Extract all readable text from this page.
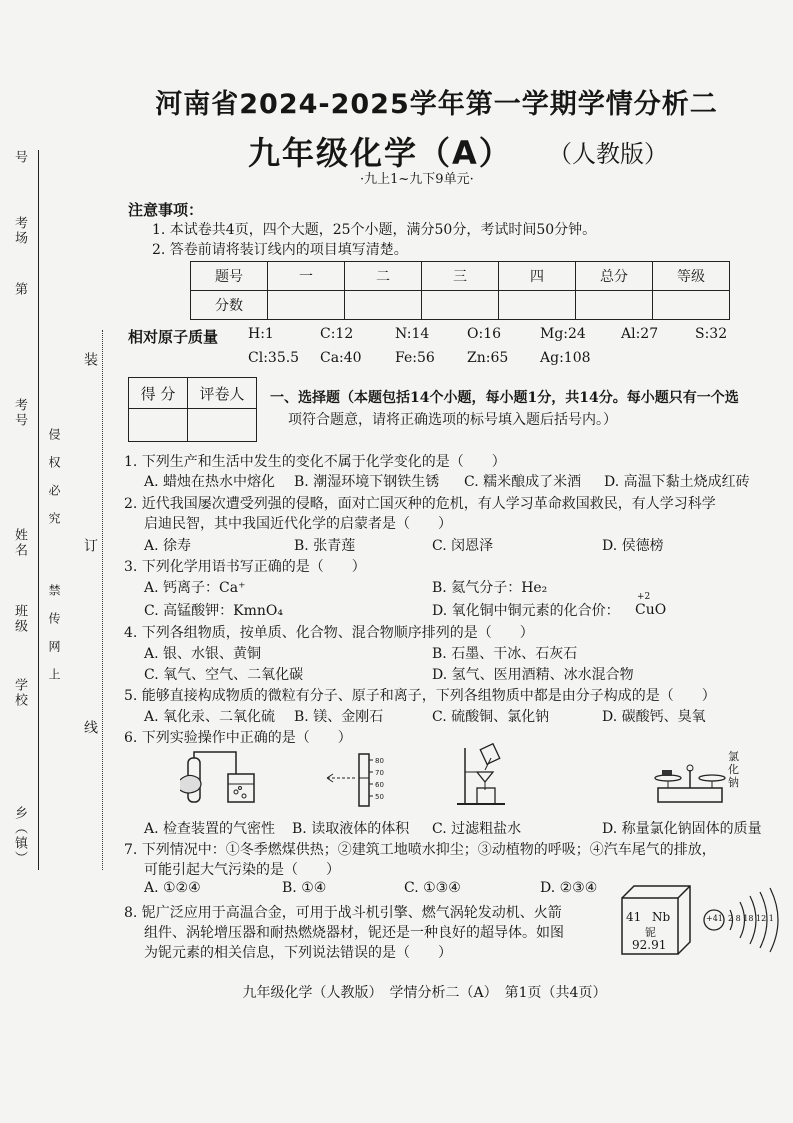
号
考场
第
考号
姓名
班级
学校
乡（镇）
侵　权　必　究
禁　传　网　上
装
订
线
河南省2024-2025学年第一学期学情分析二
九年级化学（A） （人教版）
·九上1~九下9单元·
注意事项：
1. 本试卷共4页，四个大题，25个小题，满分50分，考试时间50分钟。
2. 答卷前请将装订线内的项目填写清楚。
题号	一	二	三	四	总分	等级
分数						
相对原子质量 H:1	C:12	N:14	O:16	Mg:24	Al:27	S:32
Cl:35.5 Ca:40 Fe:56 Zn:65 Ag:108
得 分	评卷人
	一、选择题（本题包括14个小题，每小题1分，共14分。每小题只有一个选
项符合题意，请将正确选项的标号填入题后括号内。）
1. 下列生产和生活中发生的变化不属于化学变化的是（　　）
A. 蜡烛在热水中熔化 B. 潮湿环境下钢铁生锈 C. 糯米酿成了米酒 D. 高温下黏土烧成红砖
2. 近代我国屡次遭受列强的侵略，面对亡国灭种的危机，有人学习革命救国救民，有人学习科学
启迪民智，其中我国近代化学的启蒙者是（　　）
A. 徐寿	B. 张青莲	C. 闵恩泽	D. 侯德榜
3. 下列化学用语书写正确的是（　　）
A. 钙离子：Ca⁺	B. 氦气分子：He₂
C. 高锰酸钾：KmnO₄	D. 氧化铜中铜元素的化合价：
+2
CuO
4. 下列各组物质，按单质、化合物、混合物顺序排列的是（　　）
A. 银、水银、黄铜	B. 石墨、干冰、石灰石
C. 氧气、空气、二氧化碳	D. 氢气、医用酒精、冰水混合物
5. 能够直接构成物质的微粒有分子、原子和离子，下列各组物质中都是由分子构成的是（　　）
A. 氧化汞、二氧化硫 B. 镁、金刚石	C. 硫酸铜、氯化钠	D. 碳酸钙、臭氧
6. 下列实验操作中正确的是（　　）
80
70
60
50
氯化钠
A. 检查装置的气密性 B. 读取液体的体积 C. 过滤粗盐水	D. 称量氯化钠固体的质量
7. 下列情况中：①冬季燃煤供热；②建筑工地喷水抑尘；③动植物的呼吸；④汽车尾气的排放，
可能引起大气污染的是（　　）
A. ①②④	B. ①④	C. ①③④	D. ②③④
8. 铌广泛应用于高温合金，可用于战斗机引擎、燃气涡轮发动机、火箭
组件、涡轮增压器和耐热燃烧器材，铌还是一种良好的超导体。如图
为铌元素的相关信息，下列说法错误的是（　　）
41 Nb
铌
92.91
+41 2 8 18 12 1
九年级化学（人教版）　学情分析二（A）　第1页（共4页）
